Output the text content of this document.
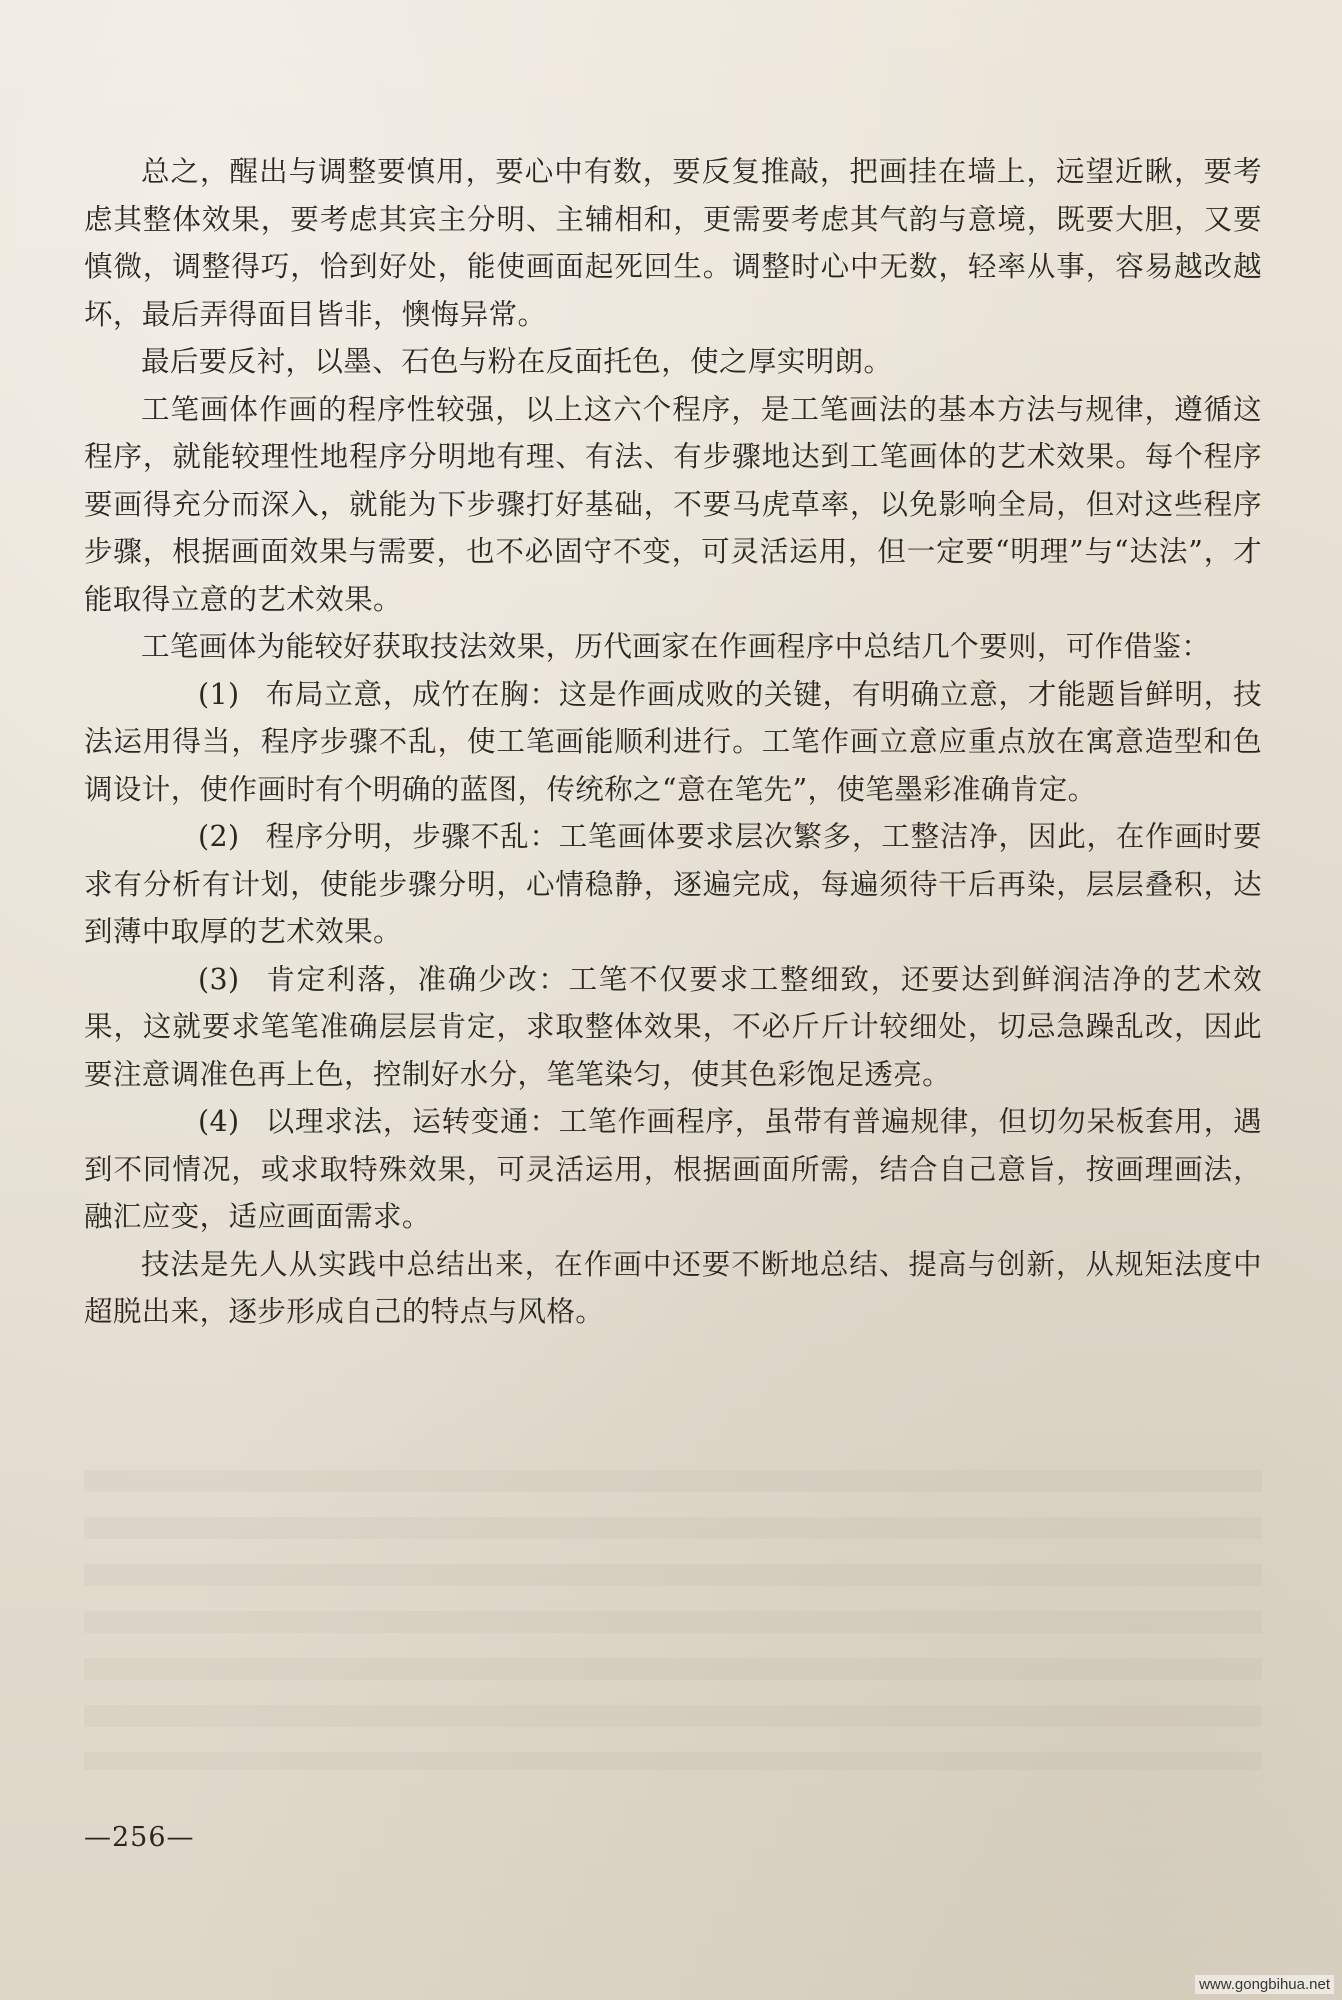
总之，醒出与调整要慎用，要心中有数，要反复推敲，把画挂在墙上，远望近瞅，要考虑其整体效果，要考虑其宾主分明、主辅相和，更需要考虑其气韵与意境，既要大胆，又要慎微，调整得巧，恰到好处，能使画面起死回生。调整时心中无数，轻率从事，容易越改越坏，最后弄得面目皆非，懊悔异常。

最后要反衬，以墨、石色与粉在反面托色，使之厚实明朗。

工笔画体作画的程序性较强，以上这六个程序，是工笔画法的基本方法与规律，遵循这程序，就能较理性地程序分明地有理、有法、有步骤地达到工笔画体的艺术效果。每个程序要画得充分而深入，就能为下步骤打好基础，不要马虎草率，以免影响全局，但对这些程序步骤，根据画面效果与需要，也不必固守不变，可灵活运用，但一定要“明理”与“达法”，才能取得立意的艺术效果。

工笔画体为能较好获取技法效果，历代画家在作画程序中总结几个要则，可作借鉴：

(1) 布局立意，成竹在胸：这是作画成败的关键，有明确立意，才能题旨鲜明，技法运用得当，程序步骤不乱，使工笔画能顺利进行。工笔作画立意应重点放在寓意造型和色调设计，使作画时有个明确的蓝图，传统称之“意在笔先”，使笔墨彩准确肯定。

(2) 程序分明，步骤不乱：工笔画体要求层次繁多，工整洁净，因此，在作画时要求有分析有计划，使能步骤分明，心情稳静，逐遍完成，每遍须待干后再染，层层叠积，达到薄中取厚的艺术效果。

(3) 肯定利落，准确少改：工笔不仅要求工整细致，还要达到鲜润洁净的艺术效果，这就要求笔笔准确层层肯定，求取整体效果，不必斤斤计较细处，切忌急躁乱改，因此要注意调准色再上色，控制好水分，笔笔染匀，使其色彩饱足透亮。

(4) 以理求法，运转变通：工笔作画程序，虽带有普遍规律，但切勿呆板套用，遇到不同情况，或求取特殊效果，可灵活运用，根据画面所需，结合自己意旨，按画理画法，融汇应变，适应画面需求。

技法是先人从实践中总结出来，在作画中还要不断地总结、提高与创新，从规矩法度中超脱出来，逐步形成自己的特点与风格。

—256—
www.gongbihua.net
